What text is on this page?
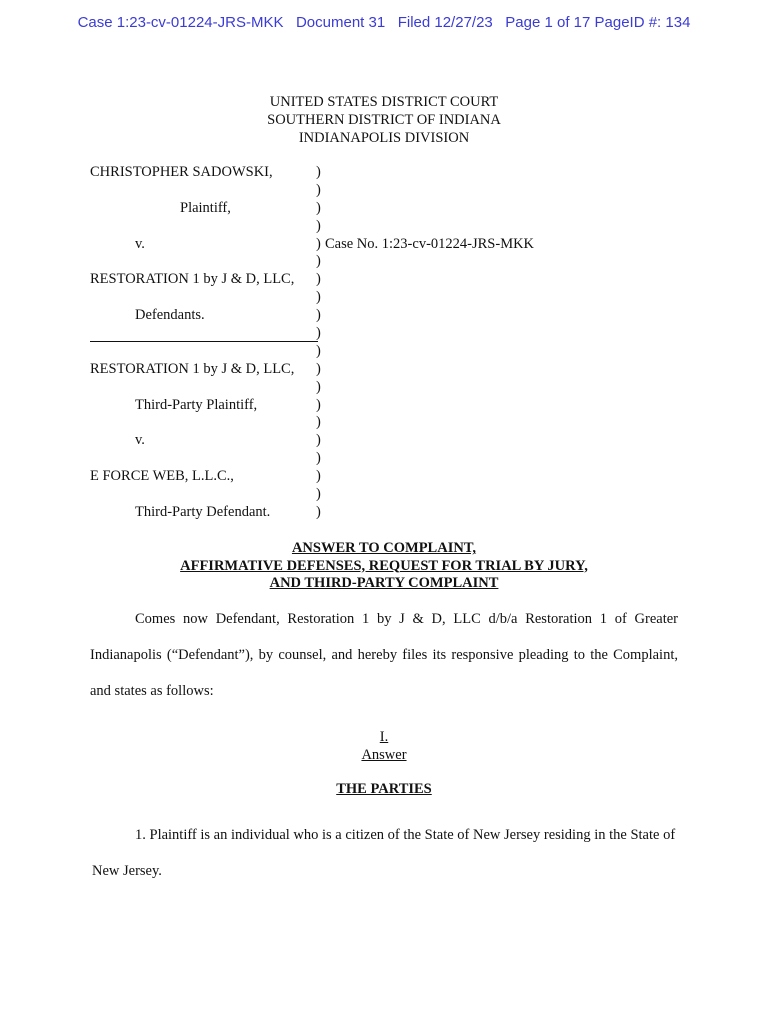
Case 1:23-cv-01224-JRS-MKK   Document 31   Filed 12/27/23   Page 1 of 17 PageID #: 134
UNITED STATES DISTRICT COURT
SOUTHERN DISTRICT OF INDIANA
INDIANAPOLIS DIVISION
CHRISTOPHER SADOWSKI,	)
)
Plaintiff,	)
)
v.	) Case No. 1:23-cv-01224-JRS-MKK
)
RESTORATION 1 by J & D, LLC, )
)
Defendants.	)
)
)
RESTORATION 1 by J & D, LLC, )
)
Third-Party Plaintiff,	)
)
v.	)
)
E FORCE WEB, L.L.C.,	)
)
Third-Party Defendant.	)
ANSWER TO COMPLAINT,
AFFIRMATIVE DEFENSES, REQUEST FOR TRIAL BY JURY,
AND THIRD-PARTY COMPLAINT
Comes now Defendant, Restoration 1 by J & D, LLC d/b/a Restoration 1 of Greater Indianapolis (“Defendant”), by counsel, and hereby files its responsive pleading to the Complaint, and states as follows:
I.
Answer
THE PARTIES
1. Plaintiff is an individual who is a citizen of the State of New Jersey residing in the State of New Jersey.
